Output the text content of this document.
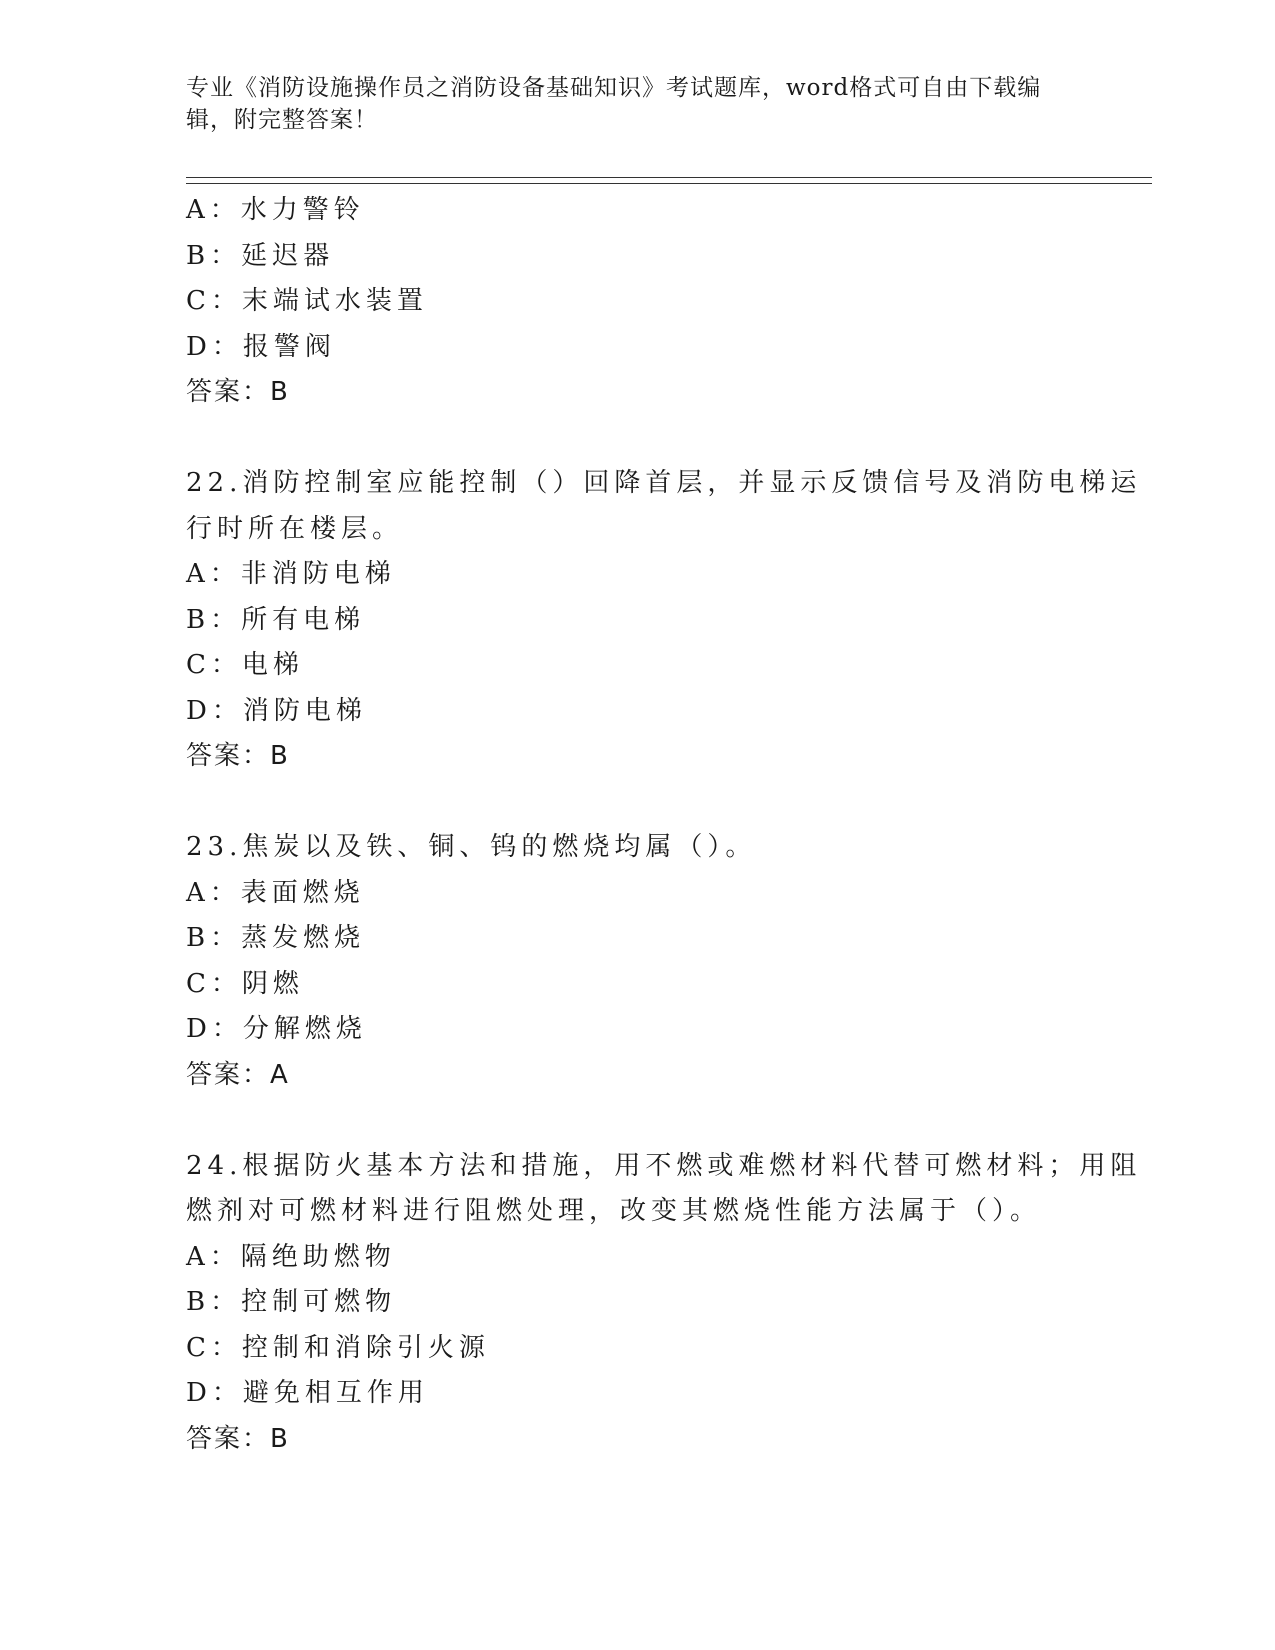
专业《消防设施操作员之消防设备基础知识》考试题库，word格式可自由下载编
辑，附完整答案！
A：水力警铃
B：延迟器
C：末端试水装置
D：报警阀
答案：B
22.消防控制室应能控制（）回降首层，并显示反馈信号及消防电梯运
行时所在楼层。
A：非消防电梯
B：所有电梯
C：电梯
D：消防电梯
答案：B
23.焦炭以及铁、铜、钨的燃烧均属（）。
A：表面燃烧
B：蒸发燃烧
C：阴燃
D：分解燃烧
答案：A
24.根据防火基本方法和措施，用不燃或难燃材料代替可燃材料；用阻
燃剂对可燃材料进行阻燃处理，改变其燃烧性能方法属于（）。
A：隔绝助燃物
B：控制可燃物
C：控制和消除引火源
D：避免相互作用
答案：B
